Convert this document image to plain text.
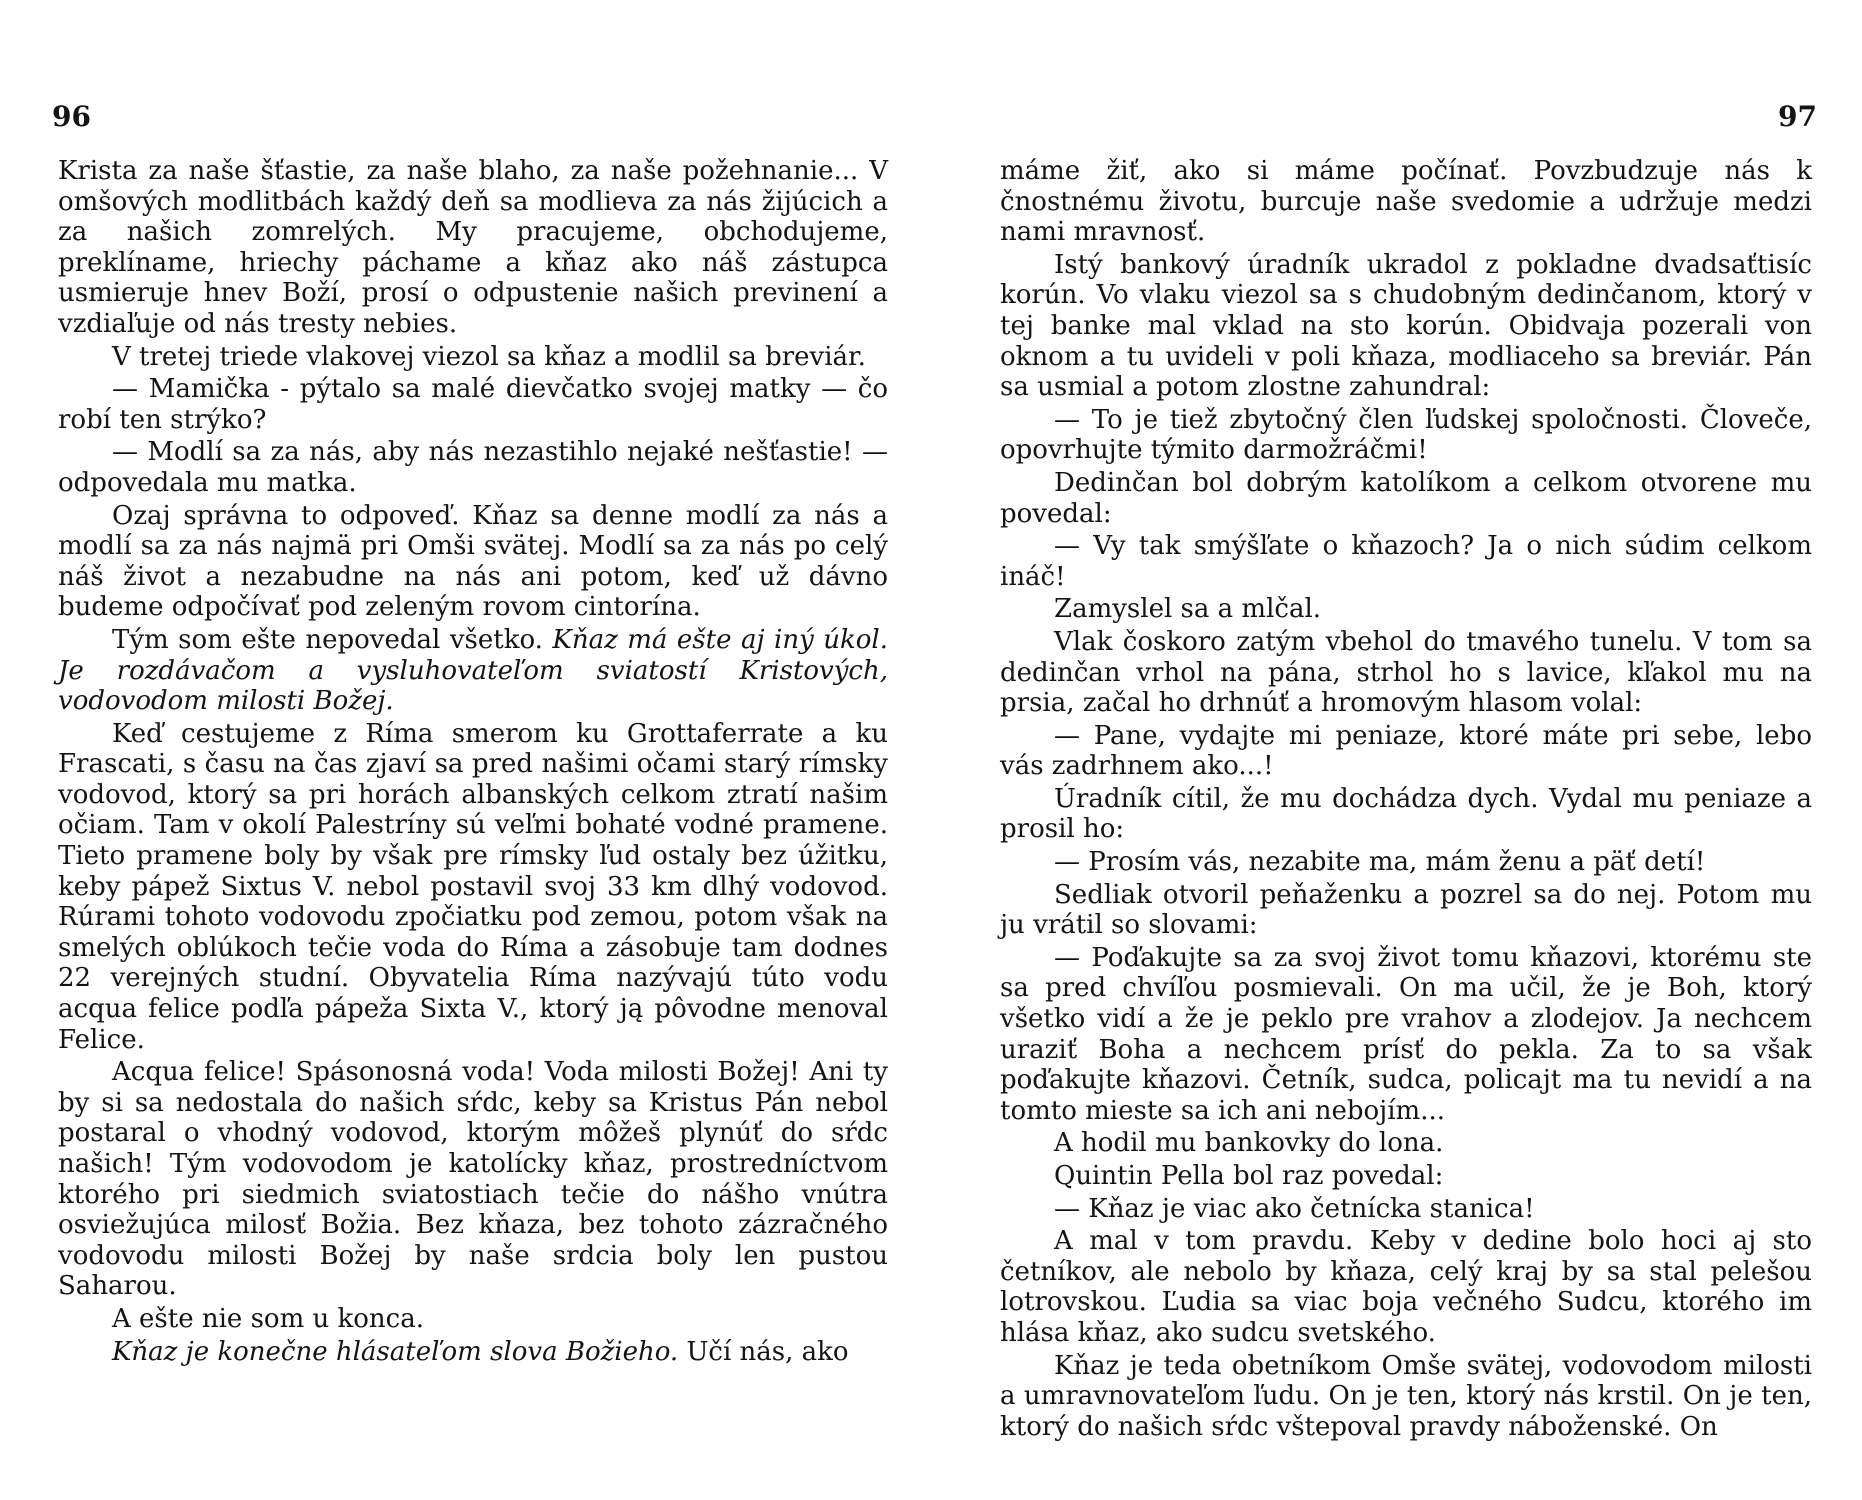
Krista za naše šťastie, za naše blaho, za naše požehnanie... V omšových modlitbách každý deň sa modlieva za nás žijúcich a za našich zomrelých. My pracujeme, obchodujeme, preklíname, hriechy páchame a kňaz ako náš zástupca usmieruje hnev Boží, prosí o odpustenie našich previnení a vzdiaľuje od nás tresty nebies.

V tretej triede vlakovej viezol sa kňaz a modlil sa breviár.

— Mamička - pýtalo sa malé dievčatko svojej matky — čo robí ten strýko?

— Modlí sa za nás, aby nás nezastihlo nejaké nešťastie! — odpovedala mu matka.

Ozaj správna to odpoveď. Kňaz sa denne modlí za nás a modlí sa za nás najmä pri Omši svätej. Modlí sa za nás po celý náš život a nezabudne na nás ani potom, keď už dávno budeme odpočívať pod zeleným rovom cintorína.

Tým som ešte nepovedal všetko. Kňaz má ešte aj iný úkol. Je rozdávačom a vysluhovateľom sviatostí Kristových, vodovodom milosti Božej.

Keď cestujeme z Ríma smerom ku Grottaferrate a ku Frascati, s času na čas zjaví sa pred našimi očami starý rímsky vodovod, ktorý sa pri horách albanských celkom ztratí našim očiam. Tam v okolí Palestríny sú veľmi bohaté vodné pramene. Tieto pramene boly by však pre rímsky ľud ostaly bez úžitku, keby pápež Sixtus V. nebol postavil svoj 33 km dlhý vodovod. Rúrami tohoto vodovodu zpočiatku pod zemou, potom však na smelých oblúkoch tečie voda do Ríma a zásobuje tam dodnes 22 verejných studní. Obyvatelia Ríma nazývajú túto vodu acqua felice podľa pápeža Sixta V., ktorý ją pôvodne menoval Felice.

Acqua felice! Spásonosná voda! Voda milosti Božej! Ani ty by si sa nedostala do našich sŕdc, keby sa Kristus Pán nebol postaral o vhodný vodovod, ktorým môžeš plynúť do sŕdc našich! Tým vodovodom je katolícky kňaz, prostredníctvom ktorého pri siedmich sviatostiach tečie do nášho vnútra osviežujúca milosť Božia. Bez kňaza, bez tohoto zázračného vodovodu milosti Božej by naše srdcia boly len pustou Saharou.

A ešte nie som u konca.

Kňaz je konečne hlásateľom slova Božieho. Učí nás, ako

96

máme žiť, ako si máme počínať. Povzbudzuje nás k čnostnému životu, burcuje naše svedomie a udržuje medzi nami mravnosť.

Istý bankový úradník ukradol z pokladne dvadsaťtisíc korún. Vo vlaku viezol sa s chudobným dedinčanom, ktorý v tej banke mal vklad na sto korún. Obidvaja pozerali von oknom a tu uvideli v poli kňaza, modliaceho sa breviár. Pán sa usmial a potom zlostne zahundral:

— To je tiež zbytočný člen ľudskej spoločnosti. Človeče, opovrhujte týmito darmožráčmi!

Dedinčan bol dobrým katolíkom a celkom otvorene mu povedal:

— Vy tak smýšľate o kňazoch? Ja o nich súdim celkom ináč!

Zamyslel sa a mlčal.

Vlak čoskoro zatým vbehol do tmavého tunelu. V tom sa dedinčan vrhol na pána, strhol ho s lavice, kľakol mu na prsia, začal ho drhnúť a hromovým hlasom volal:

— Pane, vydajte mi peniaze, ktoré máte pri sebe, lebo vás zadrhnem ako...!

Úradník cítil, že mu dochádza dych. Vydal mu peniaze a prosil ho:

— Prosím vás, nezabite ma, mám ženu a päť detí!

Sedliak otvoril peňaženku a pozrel sa do nej. Potom mu ju vrátil so slovami:

— Poďakujte sa za svoj život tomu kňazovi, ktorému ste sa pred chvíľou posmievali. On ma učil, že je Boh, ktorý všetko vidí a že je peklo pre vrahov a zlodejov. Ja nechcem uraziť Boha a nechcem prísť do pekla. Za to sa však poďakujte kňazovi. Četník, sudca, policajt ma tu nevidí a na tomto mieste sa ich ani nebojím...

A hodil mu bankovky do lona.

Quintin Pella bol raz povedal:

— Kňaz je viac ako četnícka stanica!

A mal v tom pravdu. Keby v dedine bolo hoci aj sto četníkov, ale nebolo by kňaza, celý kraj by sa stal pelešou lotrovskou. Ľudia sa viac boja večného Sudcu, ktorého im hlása kňaz, ako sudcu svetského.

Kňaz je teda obetníkom Omše svätej, vodovodom milosti a umravnovateľom ľudu. On je ten, ktorý nás krstil. On je ten, ktorý do našich sŕdc vštepoval pravdy náboženské. On

97
